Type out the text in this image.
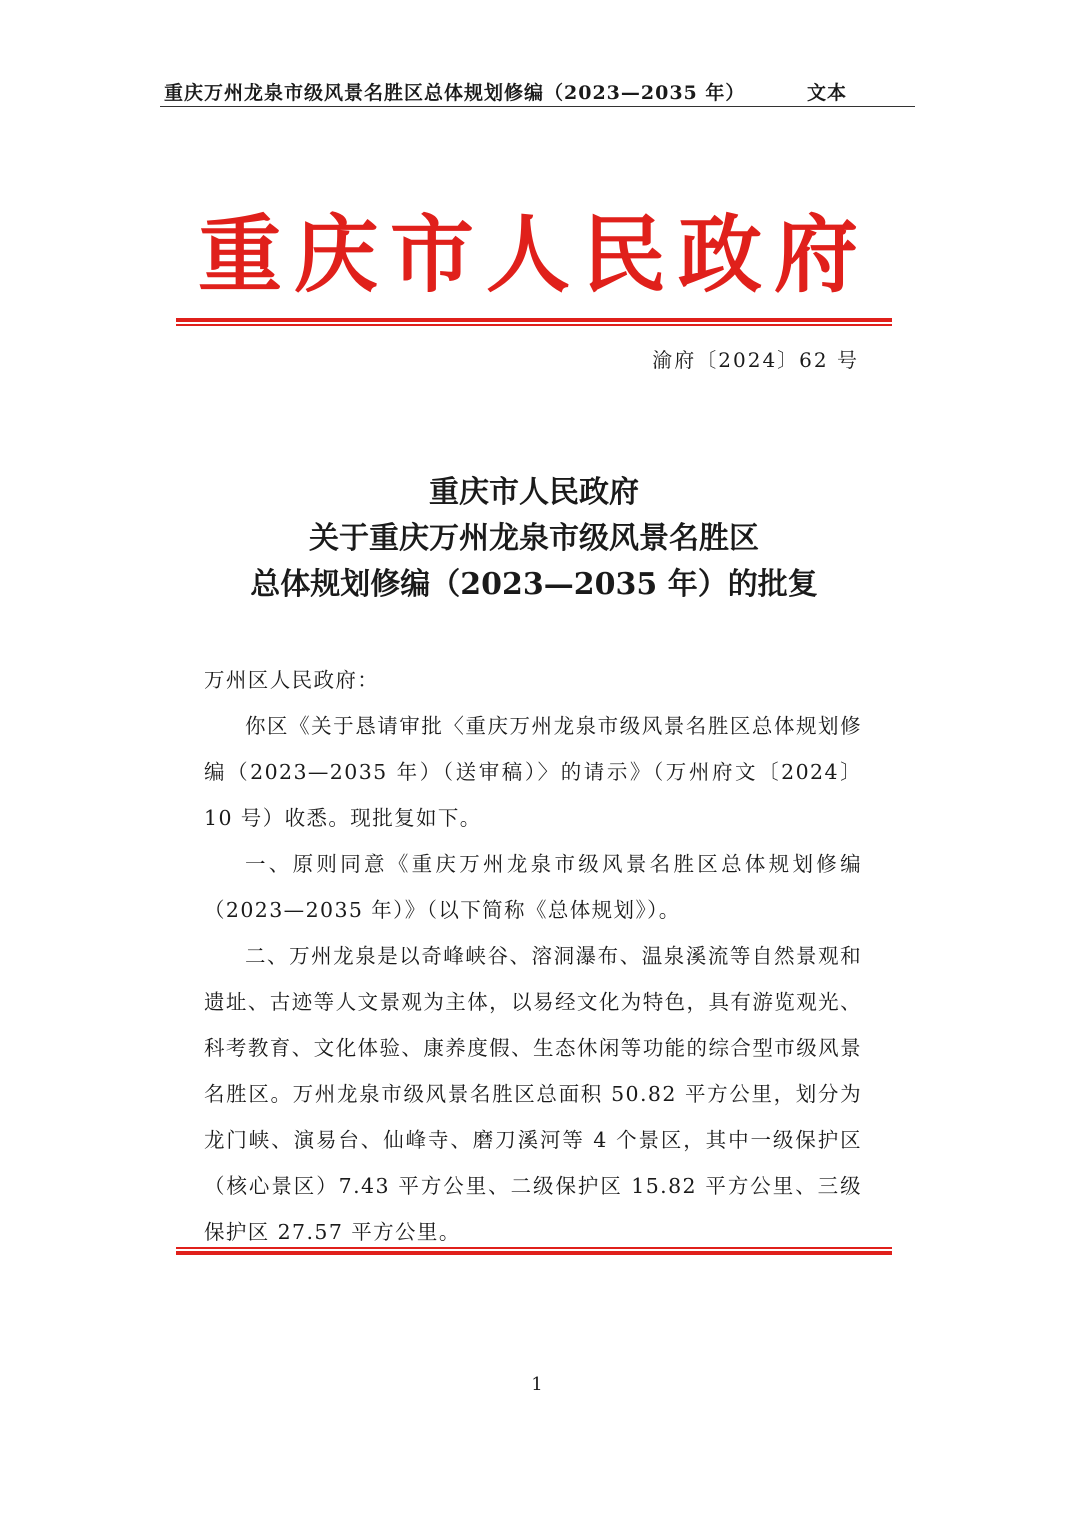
重庆万州龙泉市级风景名胜区总体规划修编（2023—2035 年）	文本
重庆市人民政府
渝府〔2024〕62 号
重庆市人民政府
关于重庆万州龙泉市级风景名胜区
总体规划修编（2023—2035 年）的批复

万州区人民政府：

你区《关于恳请审批〈重庆万州龙泉市级风景名胜区总体规划修编（2023—2035 年）（送审稿）〉的请示》（万州府文〔2024〕10 号）收悉。现批复如下。

一、原则同意《重庆万州龙泉市级风景名胜区总体规划修编（2023—2035 年）》（以下简称《总体规划》）。

二、万州龙泉是以奇峰峡谷、溶洞瀑布、温泉溪流等自然景观和遗址、古迹等人文景观为主体，以易经文化为特色，具有游览观光、科考教育、文化体验、康养度假、生态休闲等功能的综合型市级风景名胜区。万州龙泉市级风景名胜区总面积 50.82 平方公里，划分为龙门峡、演易台、仙峰寺、磨刀溪河等 4 个景区，其中一级保护区（核心景区）7.43 平方公里、二级保护区 15.82 平方公里、三级保护区 27.57 平方公里。

1
